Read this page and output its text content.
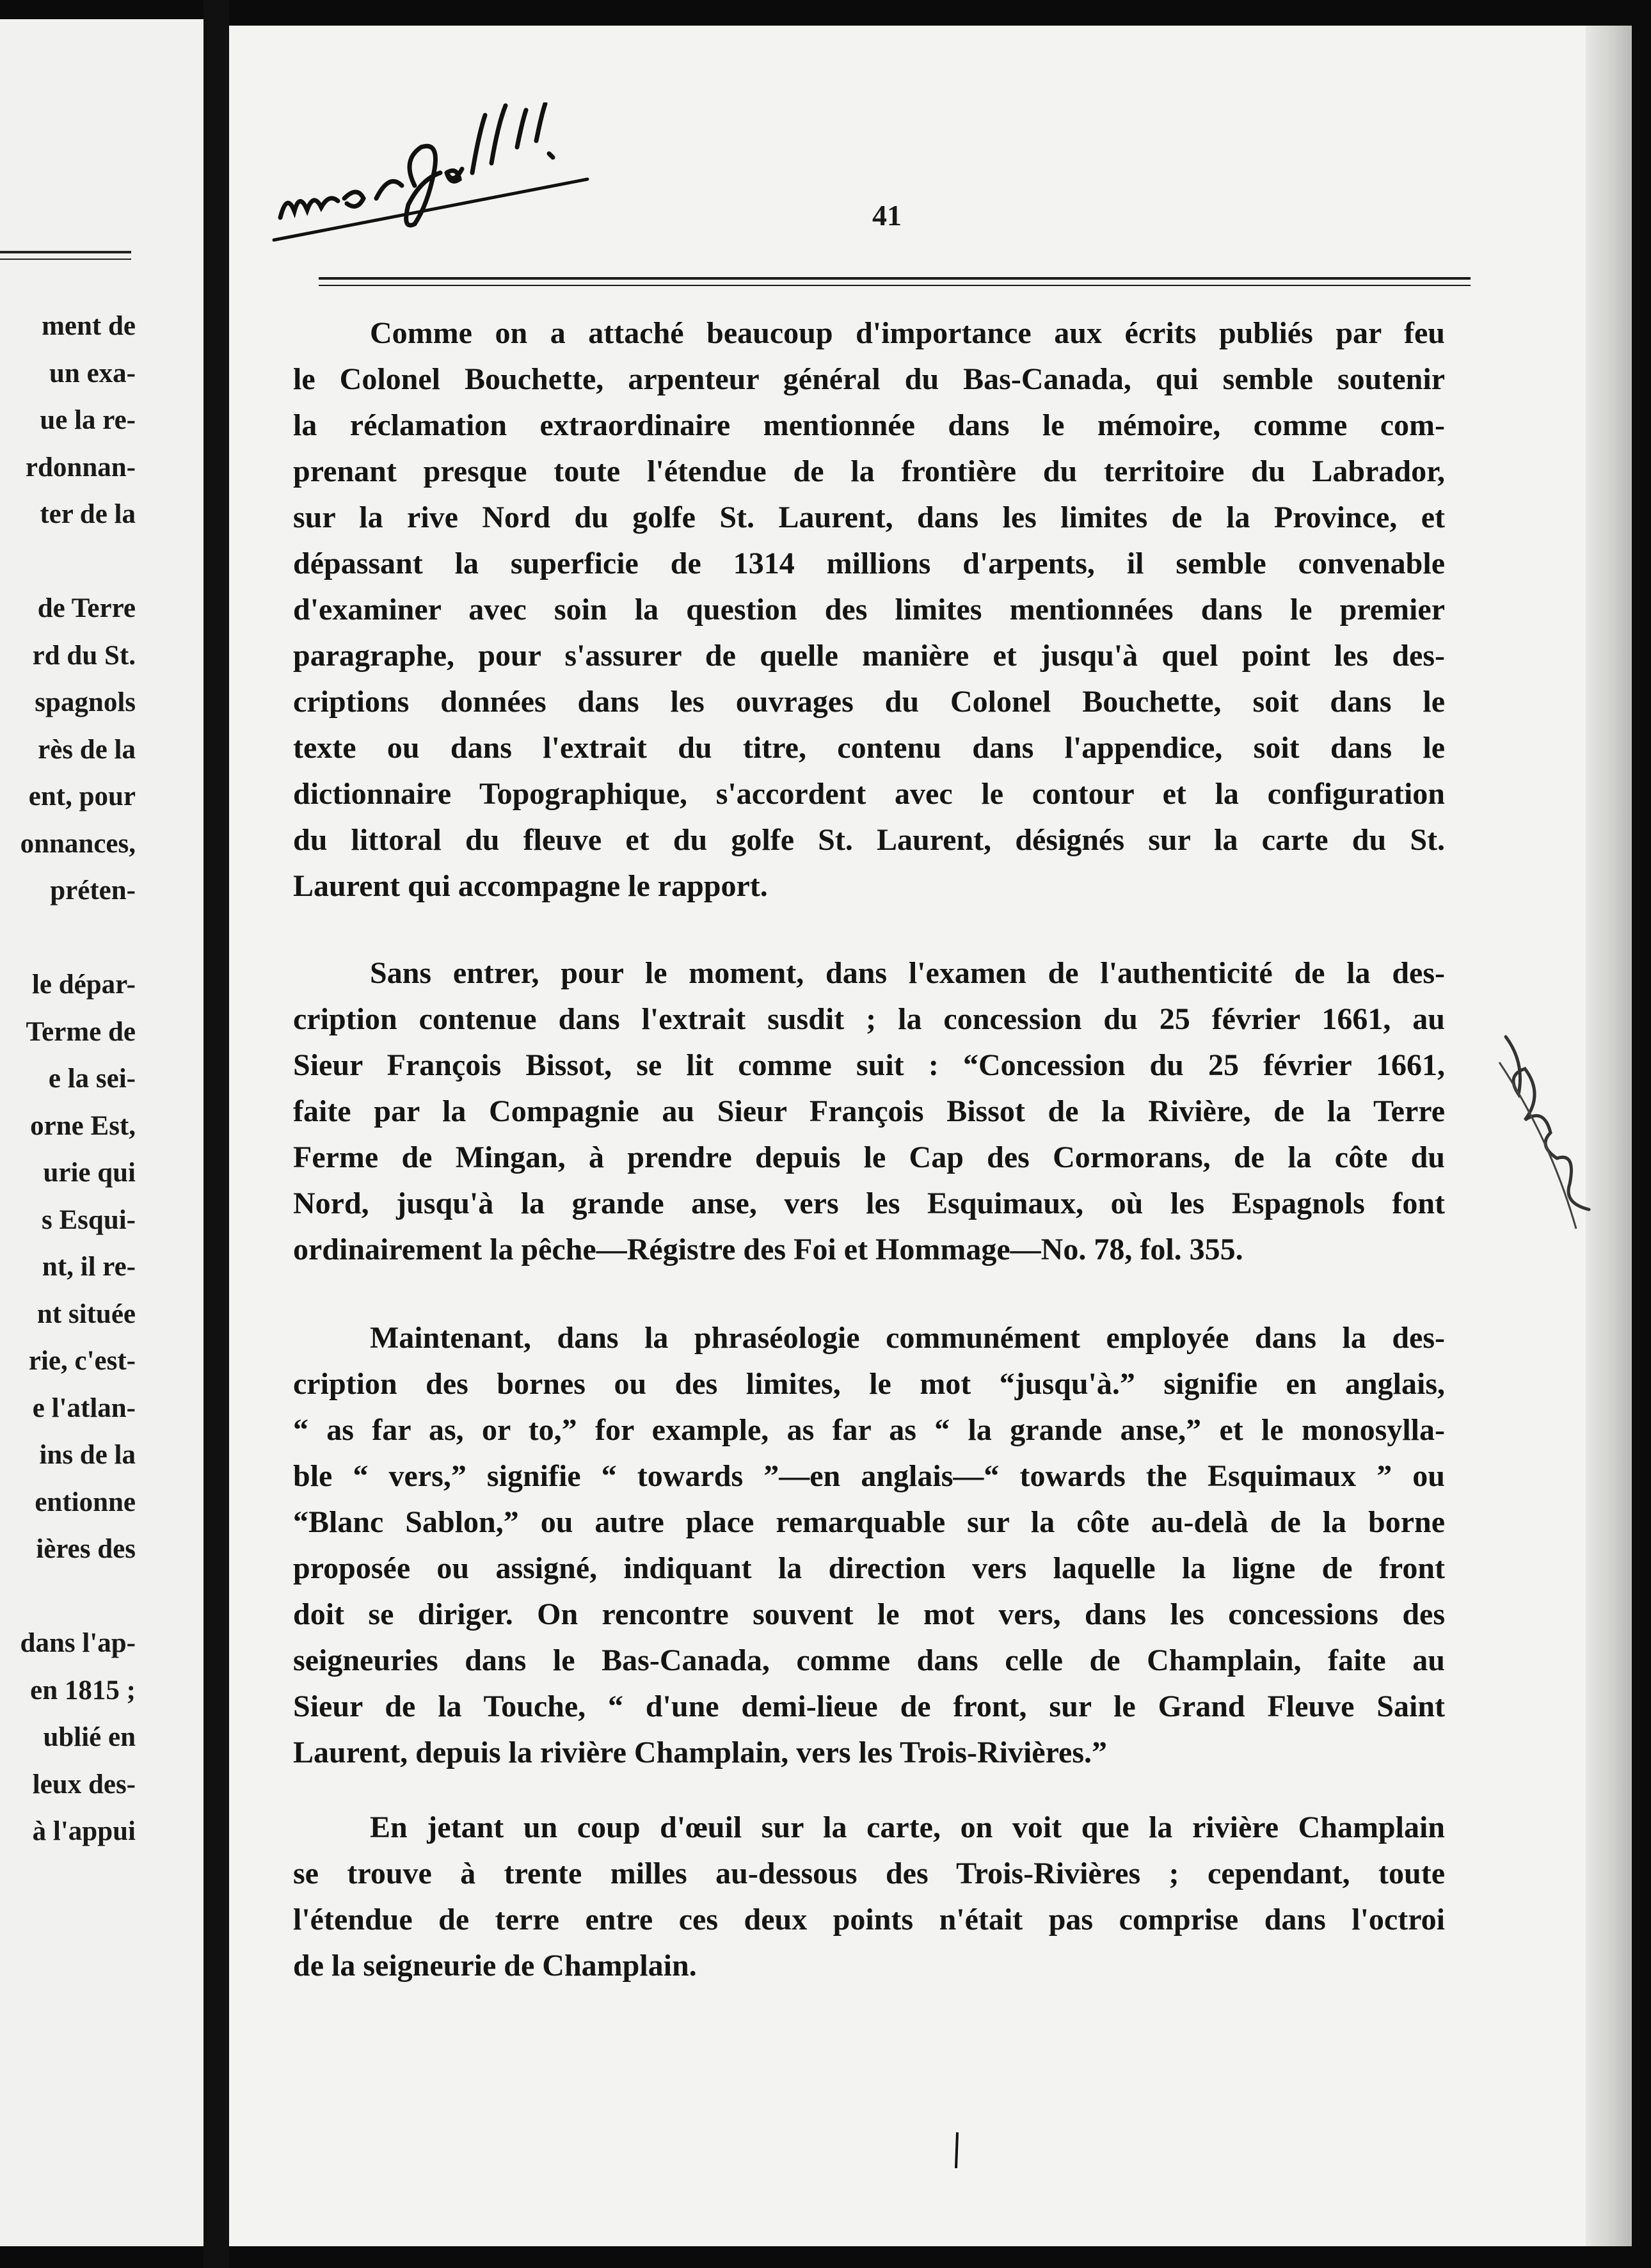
ment de
un exa-
ue la re-
rdonnan-
ter de la
de Terre
rd du St.
spagnols
rès de la
ent, pour
onnances,
préten-
le dépar-
Terme de
e la sei-
orne Est,
urie qui
s Esqui-
nt, il re-
nt située
rie, c'est-
e l'atlan-
ins de la
entionne
ières des
dans l'ap-
en 1815 ;
ublié en
leux des-
à l'appui
41
Comme on a attaché beaucoup d'importance aux écrits publiés par feu
le Colonel Bouchette, arpenteur général du Bas-Canada, qui semble soutenir
la réclamation extraordinaire mentionnée dans le mémoire, comme com-
prenant presque toute l'étendue de la frontière du territoire du Labrador,
sur la rive Nord du golfe St. Laurent, dans les limites de la Province, et
dépassant la superficie de 1314 millions d'arpents, il semble convenable
d'examiner avec soin la question des limites mentionnées dans le premier
paragraphe, pour s'assurer de quelle manière et jusqu'à quel point les des-
criptions données dans les ouvrages du Colonel Bouchette, soit dans le
texte ou dans l'extrait du titre, contenu dans l'appendice, soit dans le
dictionnaire Topographique, s'accordent avec le contour et la configuration
du littoral du fleuve et du golfe St. Laurent, désignés sur la carte du St.
Laurent qui accompagne le rapport.
Sans entrer, pour le moment, dans l'examen de l'authenticité de la des-
cription contenue dans l'extrait susdit ; la concession du 25 février 1661, au
Sieur François Bissot, se lit comme suit : “Concession du 25 février 1661,
faite par la Compagnie au Sieur François Bissot de la Rivière, de la Terre
Ferme de Mingan, à prendre depuis le Cap des Cormorans, de la côte du
Nord, jusqu'à la grande anse, vers les Esquimaux, où les Espagnols font
ordinairement la pêche—Régistre des Foi et Hommage—No. 78, fol. 355.
Maintenant, dans la phraséologie communément employée dans la des-
cription des bornes ou des limites, le mot “jusqu'à.” signifie en anglais,
“ as far as, or to,” for example, as far as “ la grande anse,” et le monosylla-
ble “ vers,” signifie “ towards ”—en anglais—“ towards the Esquimaux ” ou
“Blanc Sablon,” ou autre place remarquable sur la côte au-delà de la borne
proposée ou assigné, indiquant la direction vers laquelle la ligne de front
doit se diriger. On rencontre souvent le mot vers, dans les concessions des
seigneuries dans le Bas-Canada, comme dans celle de Champlain, faite au
Sieur de la Touche, “ d'une demi-lieue de front, sur le Grand Fleuve Saint
Laurent, depuis la rivière Champlain, vers les Trois-Rivières.”
En jetant un coup d'œuil sur la carte, on voit que la rivière Champlain
se trouve à trente milles au-dessous des Trois-Rivières ; cependant, toute
l'étendue de terre entre ces deux points n'était pas comprise dans l'octroi
de la seigneurie de Champlain.
